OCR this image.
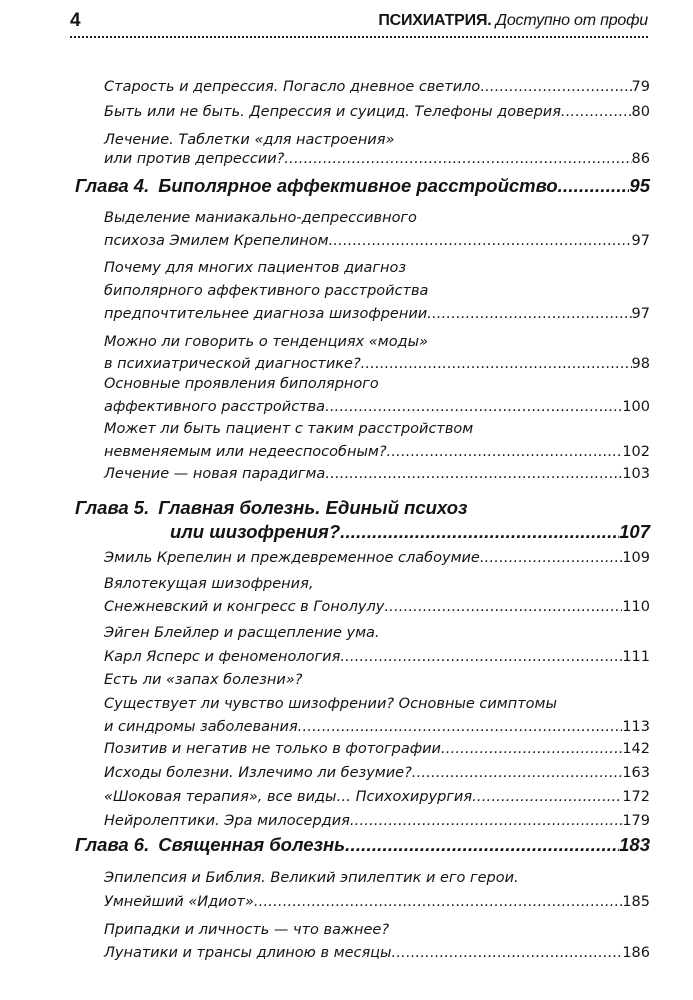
4	ПСИХИАТРИЯ. Доступно от профи
Старость и депрессия. Погасло дневное светило .....	79
Быть или не быть. Депрессия и суицид. Телефоны доверия .....	80
Лечение. Таблетки «для настроения»
или против депрессии? .....	86
Глава 4. Биполярное аффективное расстройство .....	95
Выделение маниакально-депрессивного
психоза Эмилем Крепелином .....	97
Почему для многих пациентов диагноз
биполярного аффективного расстройства
предпочтительнее диагноза шизофрении .....	97
Можно ли говорить о тенденциях «моды»
в психиатрической диагностике? .....	98
Основные проявления биполярного
аффективного расстройства .....	100
Может ли быть пациент с таким расстройством
невменяемым или недееспособным? .....	102
Лечение — новая парадигма .....	103
Глава 5. Главная болезнь. Единый психоз
или шизофрения? .....	107
Эмиль Крепелин и преждевременное слабоумие .....	109
Вялотекущая шизофрения,
Снежневский и конгресс в Гонолулу .....	110
Эйген Блейлер и расщепление ума.
Карл Ясперс и феноменология .....	111
Есть ли «запах болезни»?
Существует ли чувство шизофрении? Основные симптомы
и синдромы заболевания .....	113
Позитив и негатив не только в фотографии .....	142
Исходы болезни. Излечимо ли безумие? .....	163
«Шоковая терапия», все виды… Психохирургия .....	172
Нейролептики. Эра милосердия .....	179
Глава 6. Священная болезнь .....	183
Эпилепсия и Библия. Великий эпилептик и его герои.
Умнейший «Идиот» .....	185
Припадки и личность — что важнее?
Лунатики и трансы длиною в месяцы .....	186
